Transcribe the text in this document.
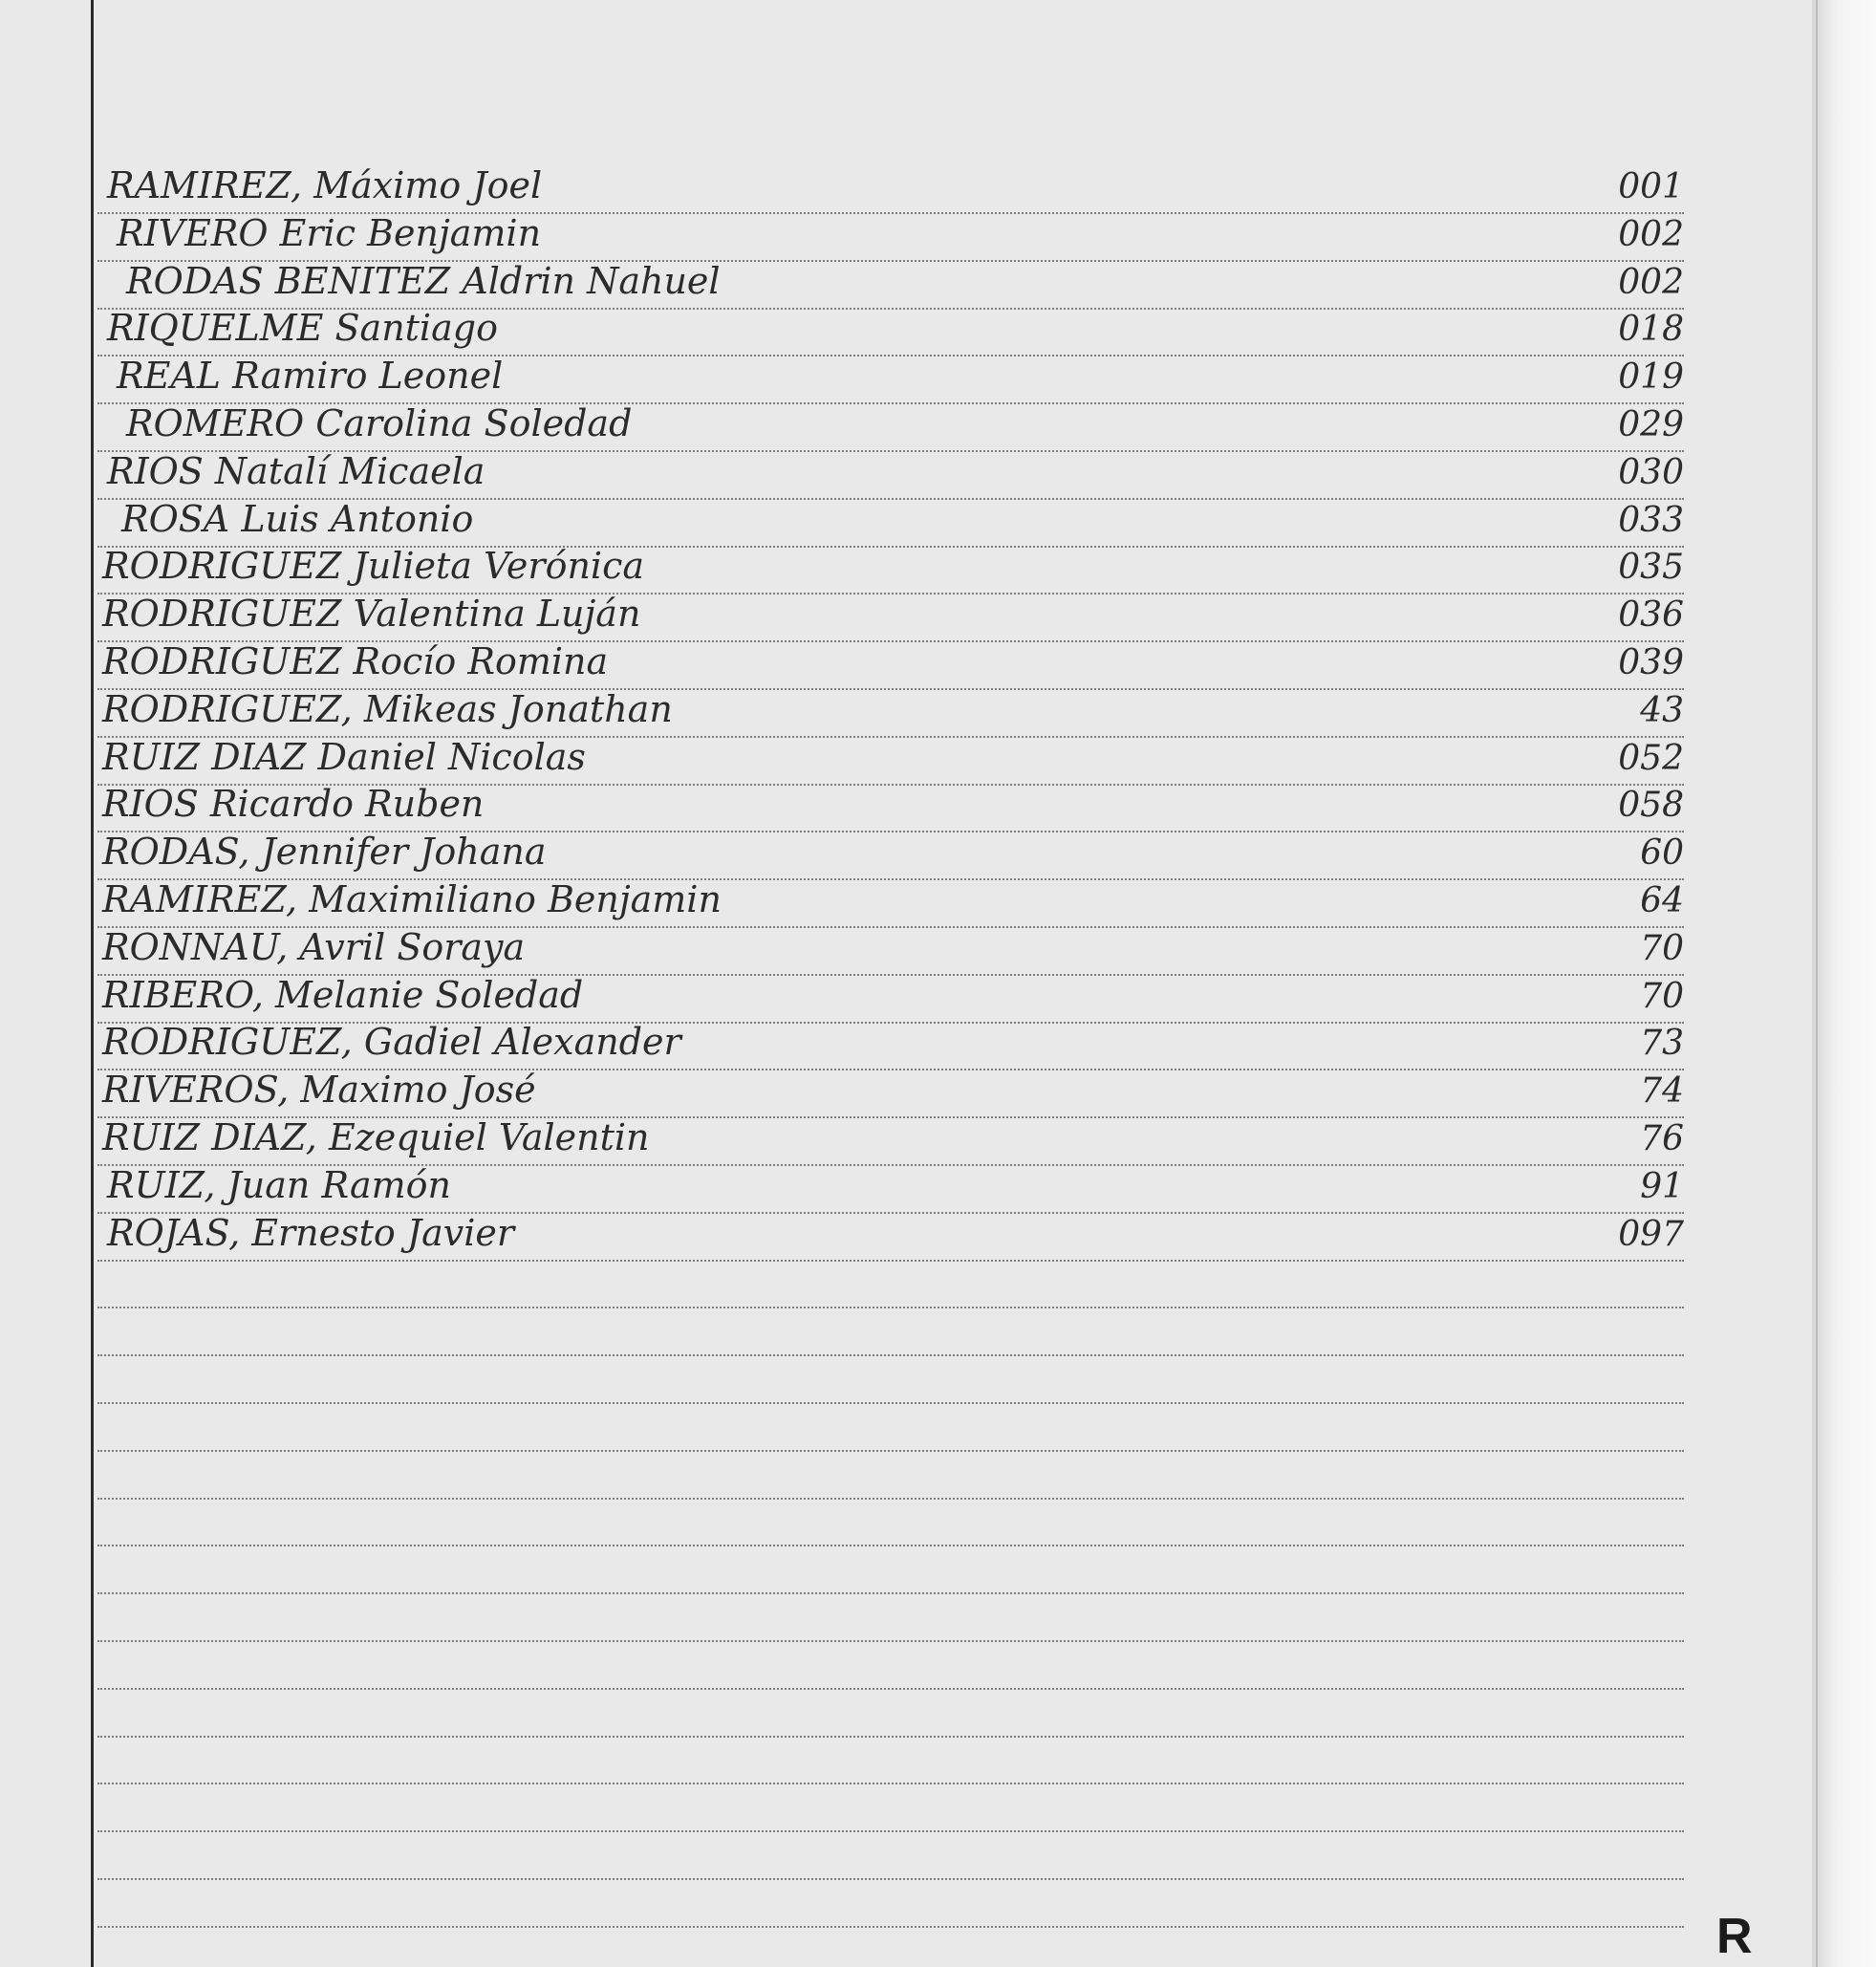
RAMIREZ, Máximo Joel	001
RIVERO Eric Benjamin	002
RODAS BENITEZ Aldrin Nahuel	002
RIQUELME Santiago	018
REAL Ramiro Leonel	019
ROMERO Carolina Soledad	029
RIOS Natalí Micaela	030
ROSA Luis Antonio	033
RODRIGUEZ Julieta Verónica	035
RODRIGUEZ Valentina Luján	036
RODRIGUEZ Rocío Romina	039
RODRIGUEZ, Mikeas Jonathan	43
RUIZ DIAZ Daniel Nicolas	052
RIOS Ricardo Ruben	058
RODAS, Jennifer Johana	60
RAMIREZ, Maximiliano Benjamin	64
RONNAU, Avril Soraya	70
RIBERO, Melanie Soledad	70
RODRIGUEZ, Gadiel Alexander	73
RIVEROS, Maximo José	74
RUIZ DIAZ, Ezequiel Valentin	76
RUIZ, Juan Ramón	91
ROJAS, Ernesto Javier	097
R
